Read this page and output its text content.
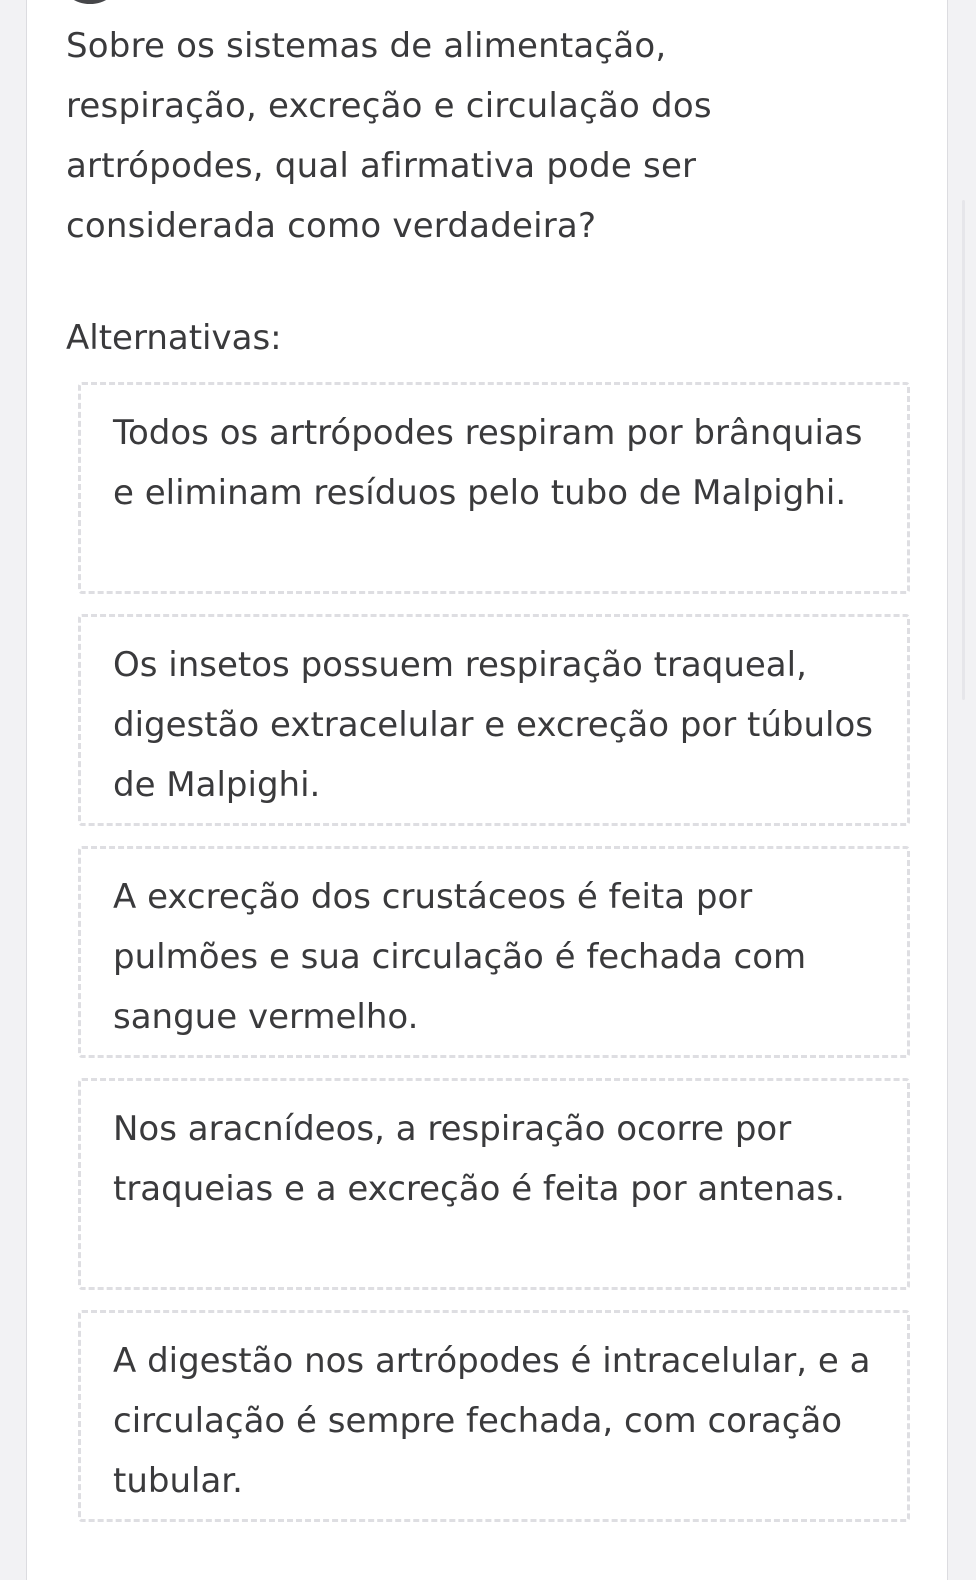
Sobre os sistemas de alimentação, respiração, excreção e circulação dos artrópodes, qual afirmativa pode ser considerada como verdadeira?

Alternativas:
Todos os artrópodes respiram por brânquias e eliminam resíduos pelo tubo de Malpighi.
Os insetos possuem respiração traqueal, digestão extracelular e excreção por túbulos de Malpighi.
A excreção dos crustáceos é feita por pulmões e sua circulação é fechada com sangue vermelho.
Nos aracnídeos, a respiração ocorre por traqueias e a excreção é feita por antenas.
A digestão nos artrópodes é intracelular, e a circulação é sempre fechada, com coração tubular.
